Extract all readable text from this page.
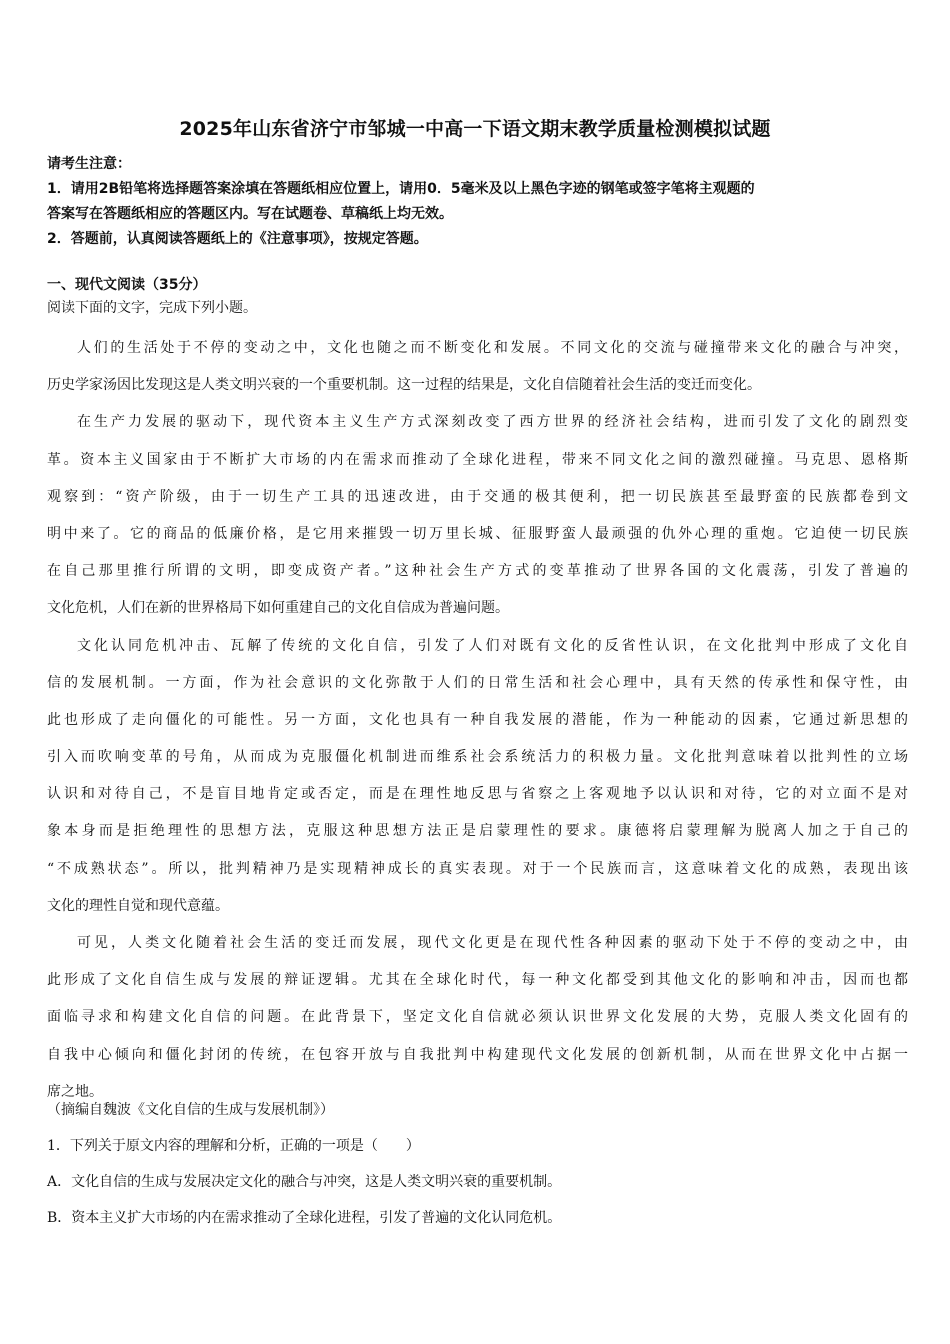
2025年山东省济宁市邹城一中高一下语文期末教学质量检测模拟试题
请考生注意：
1．请用2B铅笔将选择题答案涂填在答题纸相应位置上，请用0．5毫米及以上黑色字迹的钢笔或签字笔将主观题的
答案写在答题纸相应的答题区内。写在试题卷、草稿纸上均无效。
2．答题前，认真阅读答题纸上的《注意事项》，按规定答题。
一、现代文阅读（35分）
阅读下面的文字，完成下列小题。
人们的生活处于不停的变动之中，文化也随之而不断变化和发展。不同文化的交流与碰撞带来文化的融合与冲突，
历史学家汤因比发现这是人类文明兴衰的一个重要机制。这一过程的结果是，文化自信随着社会生活的变迁而变化。
在生产力发展的驱动下，现代资本主义生产方式深刻改变了西方世界的经济社会结构，进而引发了文化的剧烈变
革。资本主义国家由于不断扩大市场的内在需求而推动了全球化进程，带来不同文化之间的激烈碰撞。马克思、恩格斯
观察到：“资产阶级，由于一切生产工具的迅速改进，由于交通的极其便利，把一切民族甚至最野蛮的民族都卷到文
明中来了。它的商品的低廉价格，是它用来摧毁一切万里长城、征服野蛮人最顽强的仇外心理的重炮。它迫使一切民族
在自己那里推行所谓的文明，即变成资产者。”这种社会生产方式的变革推动了世界各国的文化震荡，引发了普遍的
文化危机，人们在新的世界格局下如何重建自己的文化自信成为普遍问题。
文化认同危机冲击、瓦解了传统的文化自信，引发了人们对既有文化的反省性认识，在文化批判中形成了文化自
信的发展机制。一方面，作为社会意识的文化弥散于人们的日常生活和社会心理中，具有天然的传承性和保守性，由
此也形成了走向僵化的可能性。另一方面，文化也具有一种自我发展的潜能，作为一种能动的因素，它通过新思想的
引入而吹响变革的号角，从而成为克服僵化机制进而维系社会系统活力的积极力量。文化批判意味着以批判性的立场
认识和对待自己，不是盲目地肯定或否定，而是在理性地反思与省察之上客观地予以认识和对待，它的对立面不是对
象本身而是拒绝理性的思想方法，克服这种思想方法正是启蒙理性的要求。康德将启蒙理解为脱离人加之于自己的
“不成熟状态”。所以，批判精神乃是实现精神成长的真实表现。对于一个民族而言，这意味着文化的成熟，表现出该
文化的理性自觉和现代意蕴。
可见，人类文化随着社会生活的变迁而发展，现代文化更是在现代性各种因素的驱动下处于不停的变动之中，由
此形成了文化自信生成与发展的辩证逻辑。尤其在全球化时代，每一种文化都受到其他文化的影响和冲击，因而也都
面临寻求和构建文化自信的问题。在此背景下，坚定文化自信就必须认识世界文化发展的大势，克服人类文化固有的
自我中心倾向和僵化封闭的传统，在包容开放与自我批判中构建现代文化发展的创新机制，从而在世界文化中占据一
席之地。
（摘编自魏波《文化自信的生成与发展机制》）
1．下列关于原文内容的理解和分析，正确的一项是（　　）
A．文化自信的生成与发展决定文化的融合与冲突，这是人类文明兴衰的重要机制。
B．资本主义扩大市场的内在需求推动了全球化进程，引发了普遍的文化认同危机。
